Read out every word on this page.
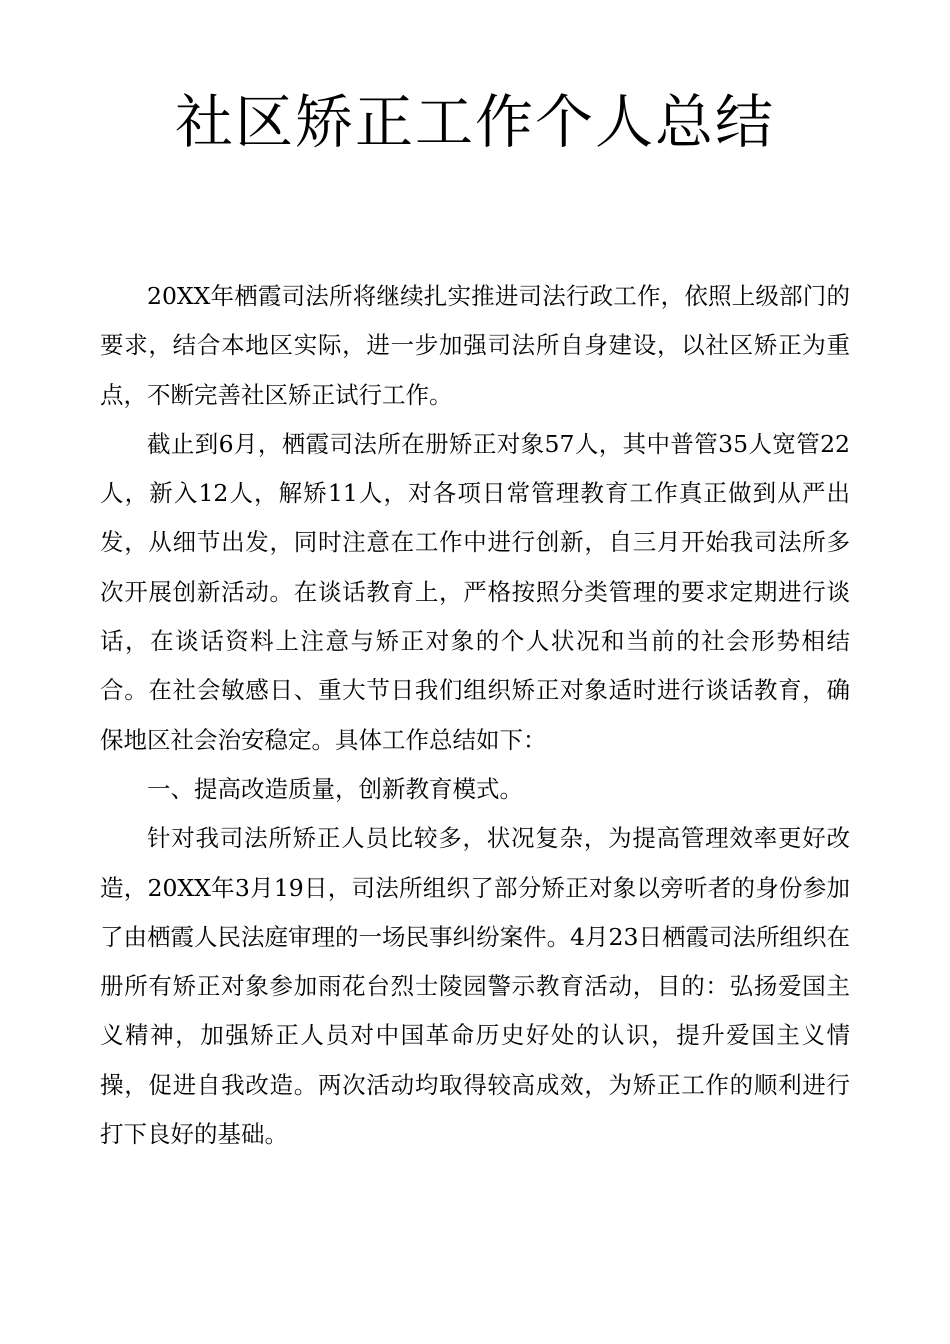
社区矫正工作个人总结

20XX年栖霞司法所将继续扎实推进司法行政工作，依照上级部门的要求，结合本地区实际，进一步加强司法所自身建设，以社区矫正为重点，不断完善社区矫正试行工作。

截止到6月，栖霞司法所在册矫正对象57人，其中普管35人宽管22人，新入12人，解矫11人，对各项日常管理教育工作真正做到从严出发，从细节出发，同时注意在工作中进行创新，自三月开始我司法所多次开展创新活动。在谈话教育上，严格按照分类管理的要求定期进行谈话，在谈话资料上注意与矫正对象的个人状况和当前的社会形势相结合。在社会敏感日、重大节日我们组织矫正对象适时进行谈话教育，确保地区社会治安稳定。具体工作总结如下：

一、提高改造质量，创新教育模式。

针对我司法所矫正人员比较多，状况复杂，为提高管理效率更好改造，20XX年3月19日，司法所组织了部分矫正对象以旁听者的身份参加了由栖霞人民法庭审理的一场民事纠纷案件。4月23日栖霞司法所组织在册所有矫正对象参加雨花台烈士陵园警示教育活动，目的：弘扬爱国主义精神，加强矫正人员对中国革命历史好处的认识，提升爱国主义情操，促进自我改造。两次活动均取得较高成效，为矫正工作的顺利进行打下良好的基础。
